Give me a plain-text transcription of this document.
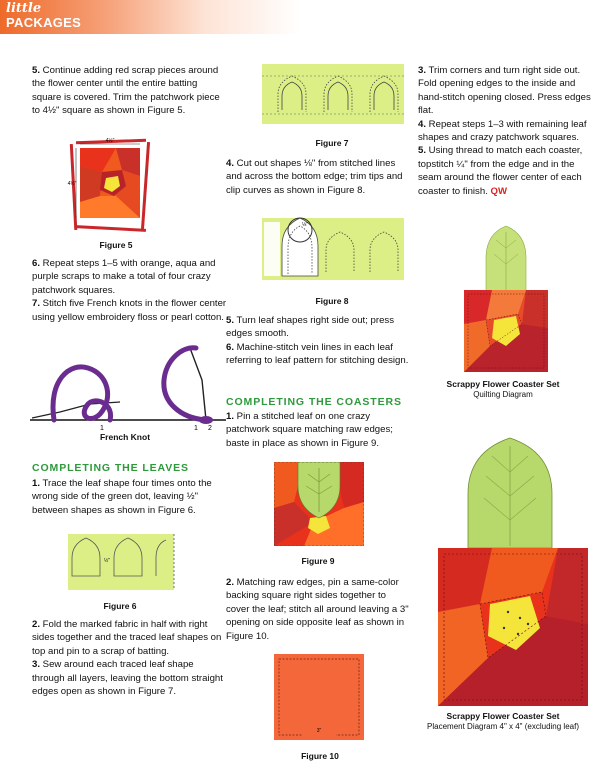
little
PACKAGES

5. Continue adding red scrap pieces around the flower center until the entire batting square is covered. Trim the patchwork piece to 4½" square as shown in Figure 5.

4½"
4½"
Figure 5

6. Repeat steps 1–5 with orange, aqua and purple scraps to make a total of four crazy patchwork squares.

7. Stitch five French knots in the flower center using yellow embroidery floss or pearl cotton.

1	1 2
French Knot
COMPLETING THE LEAVES

1. Trace the leaf shape four times onto the wrong side of the green dot, leaving ½" between shapes as shown in Figure 6.

½"
Figure 6

2. Fold the marked fabric in half with right sides together and the traced leaf shapes on top and pin to a scrap of batting.

3. Sew around each traced leaf shape through all layers, leaving the bottom straight edges open as shown in Figure 7.

Figure 7

4. Cut out shapes ⅛" from stitched lines and across the bottom edge; trim tips and clip curves as shown in Figure 8.

⅛"
Figure 8

5. Turn leaf shapes right side out; press edges smooth.

6. Machine-stitch vein lines in each leaf referring to leaf pattern for stitching design.

COMPLETING THE COASTERS

1. Pin a stitched leaf on one crazy patchwork square matching raw edges; baste in place as shown in Figure 9.

Figure 9

2. Matching raw edges, pin a same-color backing square right sides together to cover the leaf; stitch all around leaving a 3" opening on side opposite leaf as shown in Figure 10.

3"
Figure 10

3. Trim corners and turn right side out. Fold opening edges to the inside and hand-stitch opening closed. Press edges flat.

4. Repeat steps 1–3 with remaining leaf shapes and crazy patchwork squares.

5. Using thread to match each coaster, topstitch ¼" from the edge and in the seam around the flower center of each coaster to finish. QW

Scrappy Flower Coaster Set
Quilting Diagram
Scrappy Flower Coaster Set
Placement Diagram 4" x 4" (excluding leaf)
